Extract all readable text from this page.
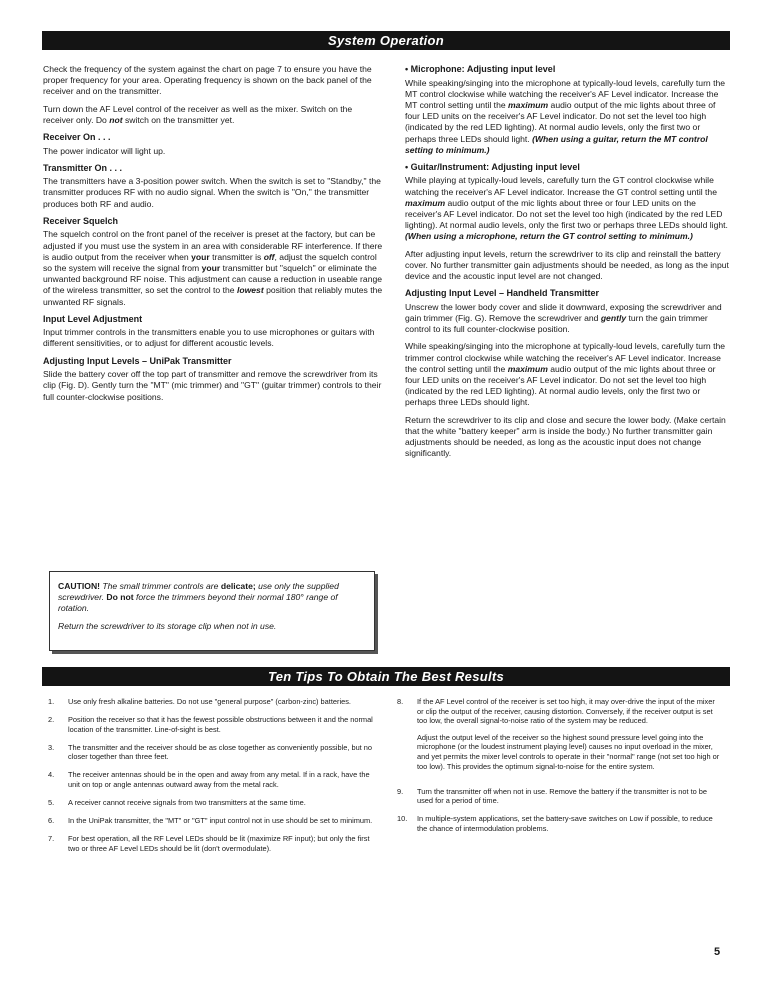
System Operation

Check the frequency of the system against the chart on page 7 to ensure you have the proper frequency for your area. Operating frequency is shown on the back panel of the receiver and on the transmitter.

Turn down the AF Level control of the receiver as well as the mixer. Switch on the receiver only. Do not switch on the transmitter yet.

Receiver On . . .

The power indicator will light up.

Transmitter On . . .

The transmitters have a 3-position power switch. When the switch is set to "Standby," the transmitter produces RF with no audio signal. When the switch is "On," the transmitter produces both RF and audio.

Receiver Squelch

The squelch control on the front panel of the receiver is preset at the factory, but can be adjusted if you must use the system in an area with considerable RF interference. If there is audio output from the receiver when your transmitter is off, adjust the squelch control so the system will receive the signal from your transmitter but "squelch" or eliminate the unwanted background RF noise. This adjustment can cause a reduction in useable range of the wireless transmitter, so set the control to the lowest position that reliably mutes the unwanted RF signals.

Input Level Adjustment

Input trimmer controls in the transmitters enable you to use microphones or guitars with different sensitivities, or to adjust for different acoustic levels.

Adjusting Input Levels – UniPak Transmitter

Slide the battery cover off the top part of transmitter and remove the screwdriver from its clip (Fig. D). Gently turn the "MT" (mic trimmer) and "GT" (guitar trimmer) controls to their full counter-clockwise positions.

CAUTION! The small trimmer controls are delicate; use only the supplied screwdriver. Do not force the trimmers beyond their normal 180° range of rotation.

Return the screwdriver to its storage clip when not in use.

• Microphone: Adjusting input level

While speaking/singing into the microphone at typically-loud levels, carefully turn the MT control clockwise while watching the receiver's AF Level indicator. Increase the MT control setting until the maximum audio output of the mic lights about three of four LED units on the receiver's AF Level indicator. Do not set the level too high (indicated by the red LED lighting). At normal audio levels, only the first two or perhaps three LEDs should light. (When using a guitar, return the MT control setting to minimum.)

• Guitar/Instrument: Adjusting input level

While playing at typically-loud levels, carefully turn the GT control clockwise while watching the receiver's AF Level indicator. Increase the GT control setting until the maximum audio output of the mic lights about three or four LED units on the receiver's AF Level indicator. Do not set the level too high (indicated by the red LED lighting). At normal audio levels, only the first two or perhaps three LEDs should light. (When using a microphone, return the GT control setting to minimum.)

After adjusting input levels, return the screwdriver to its clip and reinstall the battery cover. No further transmitter gain adjustments should be needed, as long as the input device and the acoustic input level are not changed.

Adjusting Input Level – Handheld Transmitter

Unscrew the lower body cover and slide it downward, exposing the screwdriver and gain trimmer (Fig. G). Remove the screwdriver and gently turn the gain trimmer control to its full counter-clockwise position.

While speaking/singing into the microphone at typically-loud levels, carefully turn the trimmer control clockwise while watching the receiver's AF Level indicator. Increase the control setting until the maximum audio output of the mic lights about three or four LED units on the receiver's AF Level indicator. Do not set the level too high (indicated by the red LED lighting). At normal audio levels, only the first two or perhaps three LEDs should light.

Return the screwdriver to its clip and close and secure the lower body. (Make certain that the white "battery keeper" arm is inside the body.) No further transmitter gain adjustments should be needed, as long as the acoustic input does not change significantly.

Ten Tips To Obtain The Best Results
1.	Use only fresh alkaline batteries. Do not use "general purpose" (carbon-zinc) batteries.
2.	Position the receiver so that it has the fewest possible obstructions between it and the normal location of the transmitter. Line-of-sight is best.
3.	The transmitter and the receiver should be as close together as conveniently possible, but no closer together than three feet.
4.	The receiver antennas should be in the open and away from any metal. If in a rack, have the unit on top or angle antennas outward away from the metal rack.
5.	A receiver cannot receive signals from two transmitters at the same time.
6.	In the UniPak transmitter, the "MT" or "GT" input control not in use should be set to minimum.
7.	For best operation, all the RF Level LEDs should be lit (maximize RF input); but only the first two or three AF Level LEDs should be lit (don't overmodulate).
8.	If the AF Level control of the receiver is set too high, it may over-drive the input of the mixer or clip the output of the receiver, causing distortion. Conversely, if the receiver output is set too low, the overall signal-to-noise ratio of the system may be reduced.

Adjust the output level of the receiver so the highest sound pressure level going into the microphone (or the loudest instrument playing level) causes no input overload in the mixer, and yet permits the mixer level controls to operate in their "normal" range (not set too high or too low). This provides the optimum signal-to-noise for the entire system.

9.	Turn the transmitter off when not in use. Remove the battery if the transmitter is not to be used for a period of time.
10.	In multiple-system applications, set the battery-save switches on Low if possible, to reduce the chance of intermodulation problems.
5
